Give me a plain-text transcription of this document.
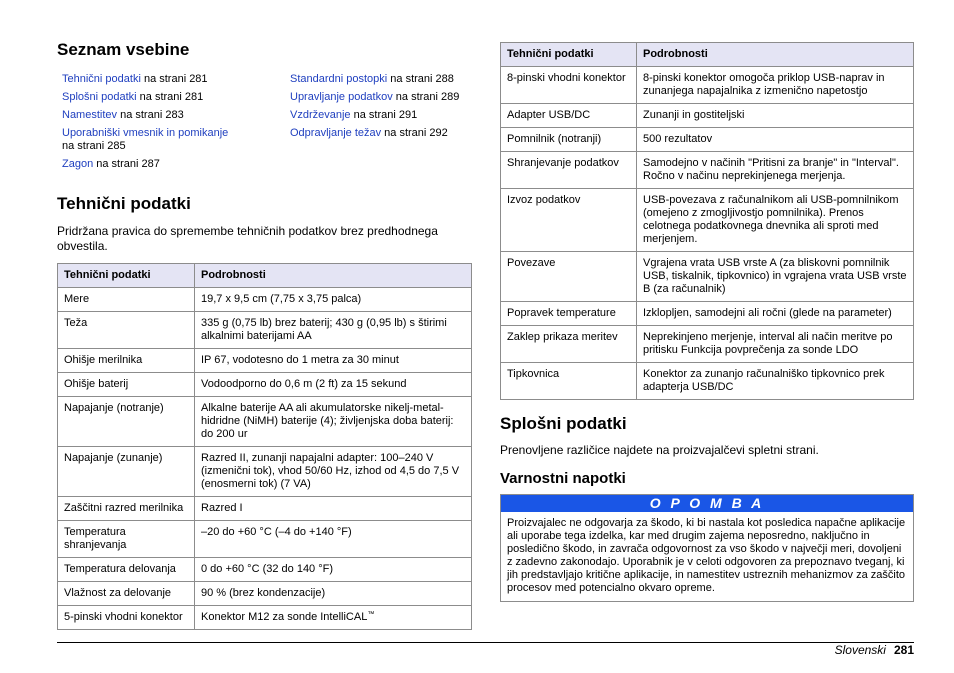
Seznam vsebine
Tehnični podatki na strani 281
Splošni podatki na strani 281
Namestitev na strani 283
Uporabniški vmesnik in pomikanje
na strani 285
Zagon na strani 287
Standardni postopki na strani 288
Upravljanje podatkov na strani 289
Vzdrževanje na strani 291
Odpravljanje težav na strani 292
Tehnični podatki

Pridržana pravica do spremembe tehničnih podatkov brez predhodnega obvestila.

Tehnični podatki	Podrobnosti
Mere	19,7 x 9,5 cm (7,75 x 3,75 palca)
Teža	335 g (0,75 lb) brez baterij; 430 g (0,95 lb) s štirimi alkalnimi baterijami AA
Ohišje merilnika	IP 67, vodotesno do 1 metra za 30 minut
Ohišje baterij	Vodoodporno do 0,6 m (2 ft) za 15 sekund
Napajanje (notranje)	Alkalne baterije AA ali akumulatorske nikelj-metal-hidridne (NiMH) baterije (4); življenjska doba baterij: do 200 ur
Napajanje (zunanje)	Razred II, zunanji napajalni adapter: 100–240 V (izmenični tok), vhod 50/60 Hz, izhod od 4,5 do 7,5 V (enosmerni tok) (7 VA)
Zaščitni razred merilnika	Razred I
Temperatura shranjevanja	–20 do +60 °C (–4 do +140 °F)
Temperatura delovanja	0 do +60 °C (32 do 140 °F)
Vlažnost za delovanje	90 % (brez kondenzacije)
5-pinski vhodni konektor	Konektor M12 za sonde IntelliCAL™
Tehnični podatki	Podrobnosti
8-pinski vhodni konektor	8-pinski konektor omogoča priklop USB-naprav in zunanjega napajalnika z izmenično napetostjo
Adapter USB/DC	Zunanji in gostiteljski
Pomnilnik (notranji)	500 rezultatov
Shranjevanje podatkov	Samodejno v načinih "Pritisni za branje" in "Interval". Ročno v načinu neprekinjenega merjenja.
Izvoz podatkov	USB-povezava z računalnikom ali USB-pomnilnikom (omejeno z zmogljivostjo pomnilnika). Prenos celotnega podatkovnega dnevnika ali sproti med merjenjem.
Povezave	Vgrajena vrata USB vrste A (za bliskovni pomnilnik USB, tiskalnik, tipkovnico) in vgrajena vrata USB vrste B (za računalnik)
Popravek temperature	Izklopljen, samodejni ali ročni (glede na parameter)
Zaklep prikaza meritev	Neprekinjeno merjenje, interval ali način meritve po pritisku Funkcija povprečenja za sonde LDO
Tipkovnica	Konektor za zunanjo računalniško tipkovnico prek adapterja USB/DC
Splošni podatki

Prenovljene različice najdete na proizvajalčevi spletni strani.

Varnostni napotki
O P O M B A
Proizvajalec ne odgovarja za škodo, ki bi nastala kot posledica napačne aplikacije ali uporabe tega izdelka, kar med drugim zajema neposredno, naključno in posledično škodo, in zavrača odgovornost za vso škodo v največji meri, dovoljeni z zadevno zakonodajo. Uporabnik je v celoti odgovoren za prepoznavo tveganj, ki jih predstavljajo kritične aplikacije, in namestitev ustreznih mehanizmov za zaščito procesov med potencialno okvaro opreme.
Slovenski 281
